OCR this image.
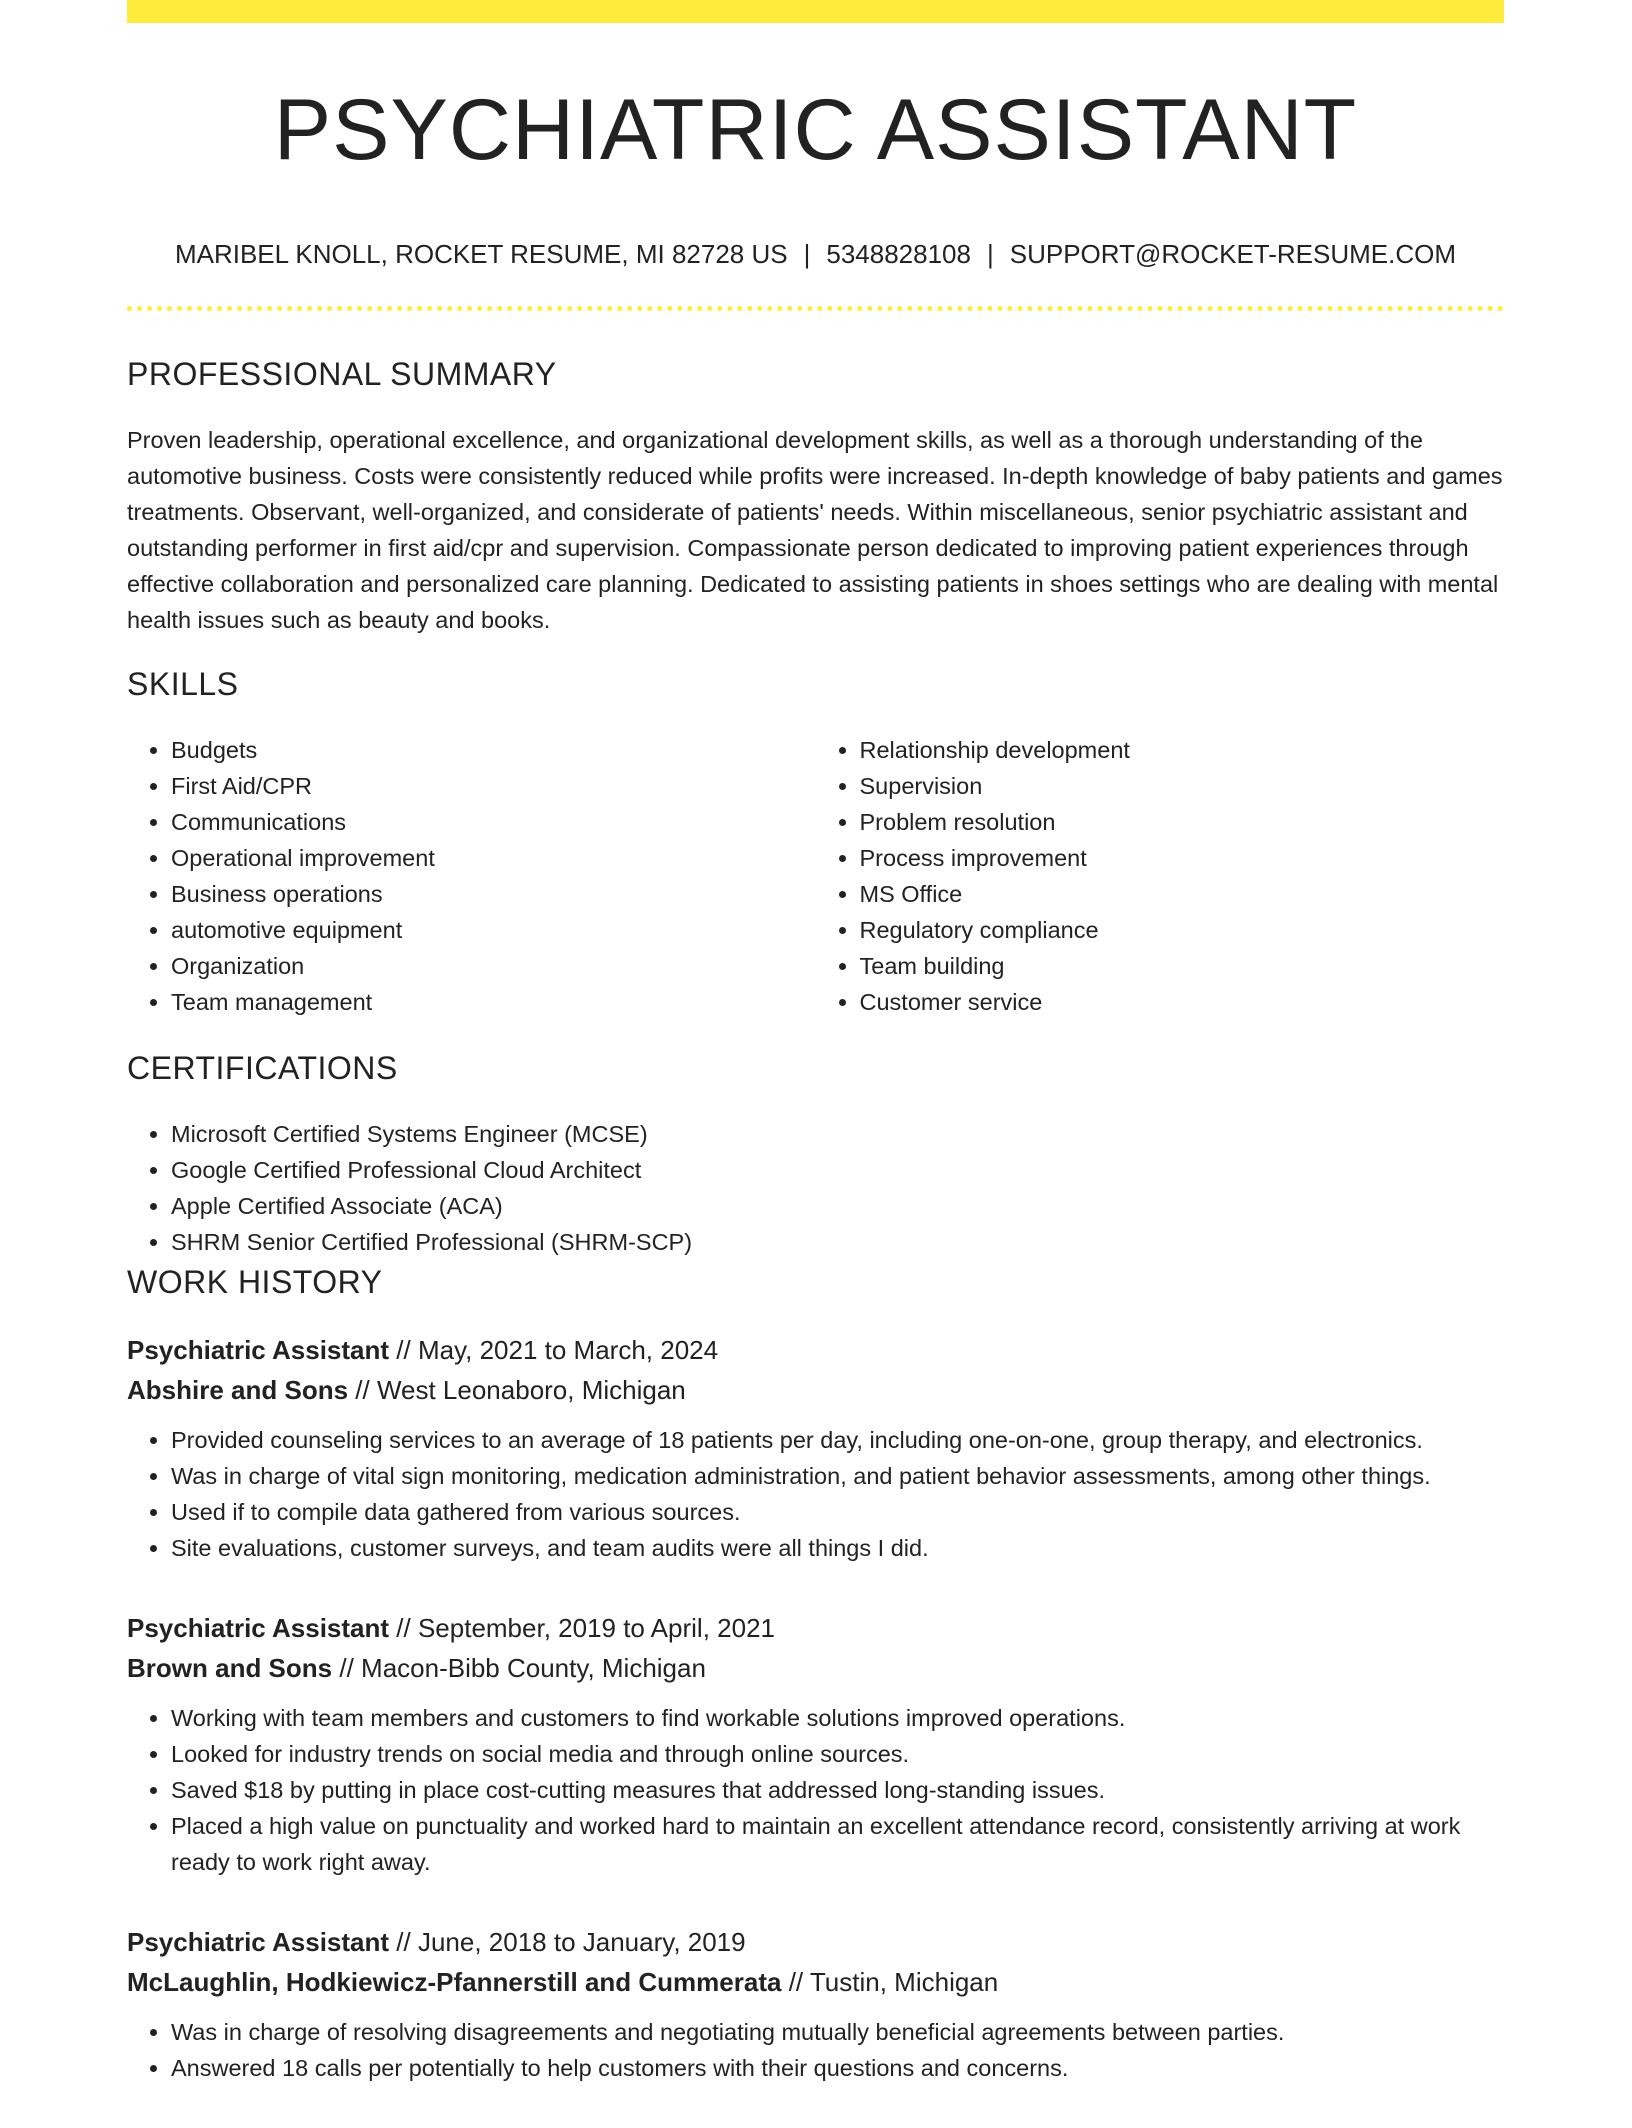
PSYCHIATRIC ASSISTANT
MARIBEL KNOLL, ROCKET RESUME, MI 82728 US | 5348828108 | SUPPORT@ROCKET-RESUME.COM
PROFESSIONAL SUMMARY

Proven leadership, operational excellence, and organizational development skills, as well as a thorough understanding of the automotive business. Costs were consistently reduced while profits were increased. In-depth knowledge of baby patients and games treatments. Observant, well-organized, and considerate of patients' needs. Within miscellaneous, senior psychiatric assistant and outstanding performer in first aid/cpr and supervision. Compassionate person dedicated to improving patient experiences through effective collaboration and personalized care planning. Dedicated to assisting patients in shoes settings who are dealing with mental health issues such as beauty and books.

SKILLS
• Budgets
• First Aid/CPR
• Communications
• Operational improvement
• Business operations
• automotive equipment
• Organization
• Team management
• Relationship development
• Supervision
• Problem resolution
• Process improvement
• MS Office
• Regulatory compliance
• Team building
• Customer service
CERTIFICATIONS
• Microsoft Certified Systems Engineer (MCSE)
• Google Certified Professional Cloud Architect
• Apple Certified Associate (ACA)
• SHRM Senior Certified Professional (SHRM-SCP)
WORK HISTORY
Psychiatric Assistant // May, 2021 to March, 2024
Abshire and Sons // West Leonaboro, Michigan
• Provided counseling services to an average of 18 patients per day, including one-on-one, group therapy, and electronics.
• Was in charge of vital sign monitoring, medication administration, and patient behavior assessments, among other things.
• Used if to compile data gathered from various sources.
• Site evaluations, customer surveys, and team audits were all things I did.
Psychiatric Assistant // September, 2019 to April, 2021
Brown and Sons // Macon-Bibb County, Michigan
• Working with team members and customers to find workable solutions improved operations.
• Looked for industry trends on social media and through online sources.
• Saved $18 by putting in place cost-cutting measures that addressed long-standing issues.
• Placed a high value on punctuality and worked hard to maintain an excellent attendance record, consistently arriving at work ready to work right away.
Psychiatric Assistant // June, 2018 to January, 2019
McLaughlin, Hodkiewicz-Pfannerstill and Cummerata // Tustin, Michigan
• Was in charge of resolving disagreements and negotiating mutually beneficial agreements between parties.
• Answered 18 calls per potentially to help customers with their questions and concerns.
